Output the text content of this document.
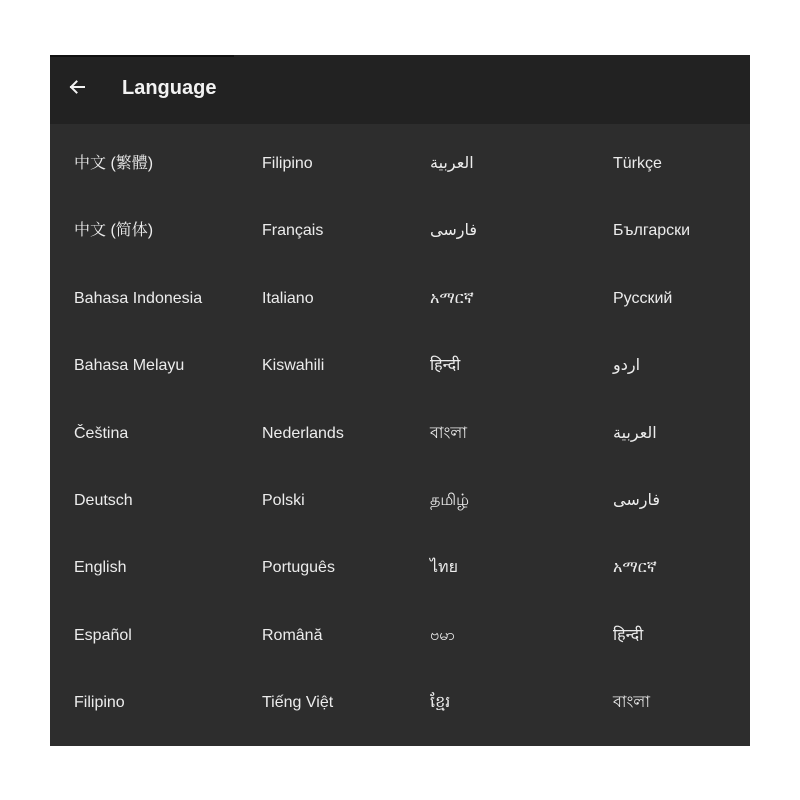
Language
中文 (繁體)	Filipino	العربية	Türkçe
中文 (简体)	Français	فارسی	Български
Bahasa Indonesia	Italiano	አማርኛ	Русский
Bahasa Melayu	Kiswahili	हिन्दी	اردو
Čeština	Nederlands	বাংলা	العربية
Deutsch	Polski	தமிழ்	فارسی
English	Português	ไทย	አማርኛ
Español	Română	ဗမာ	हिन्दी
Filipino	Tiếng Việt	ខ្មែរ	বাংলা
